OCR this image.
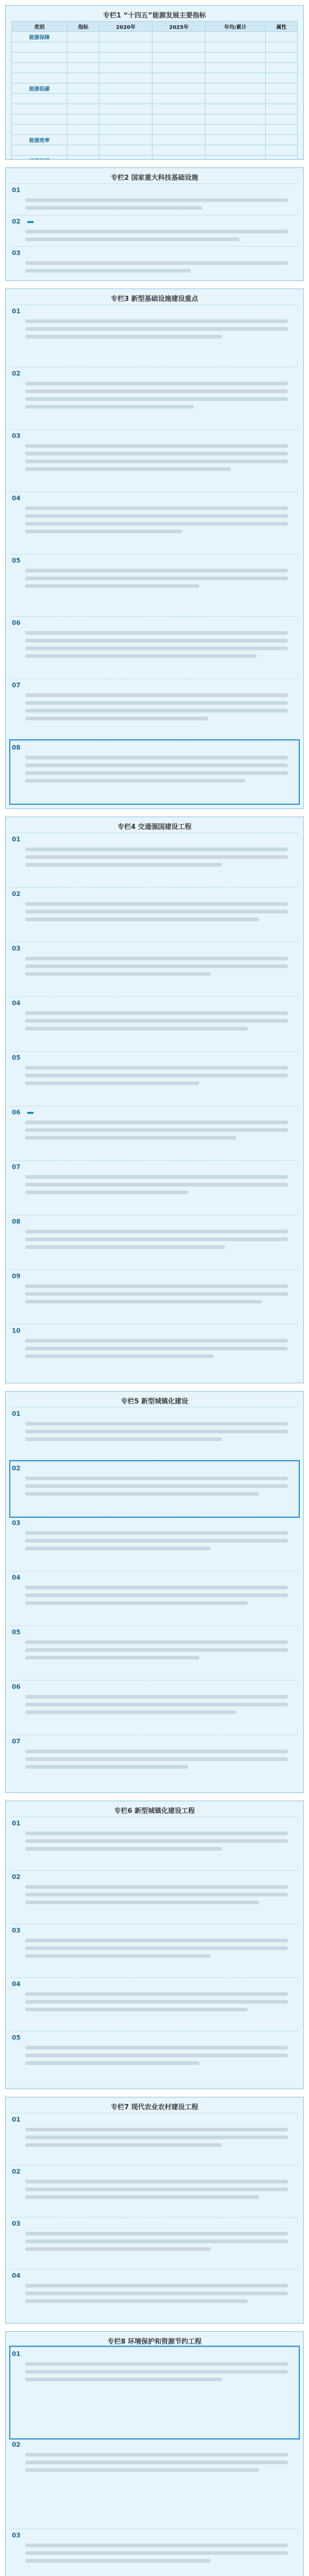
专栏1 “十四五”能源发展主要指标
类别	指标	2020年	2025年	年均/累计	属性
能源保障					

能源低碳					

能源效率					

专栏2 国家重大科技基础设施
01
02
03
专栏3 新型基础设施建设重点
01
02
03
04
05
06
07
08
专栏4 交通强国建设工程
01
02
03
04
05
06
07
08
09
10
专栏5 新型城镇化建设
01
02
03
04
05
06
07
专栏6 新型城镇化建设工程
01
02
03
04
05
专栏7 现代农业农村建设工程
01
02
03
04
专栏8 环境保护和资源节约工程
01
02
03
